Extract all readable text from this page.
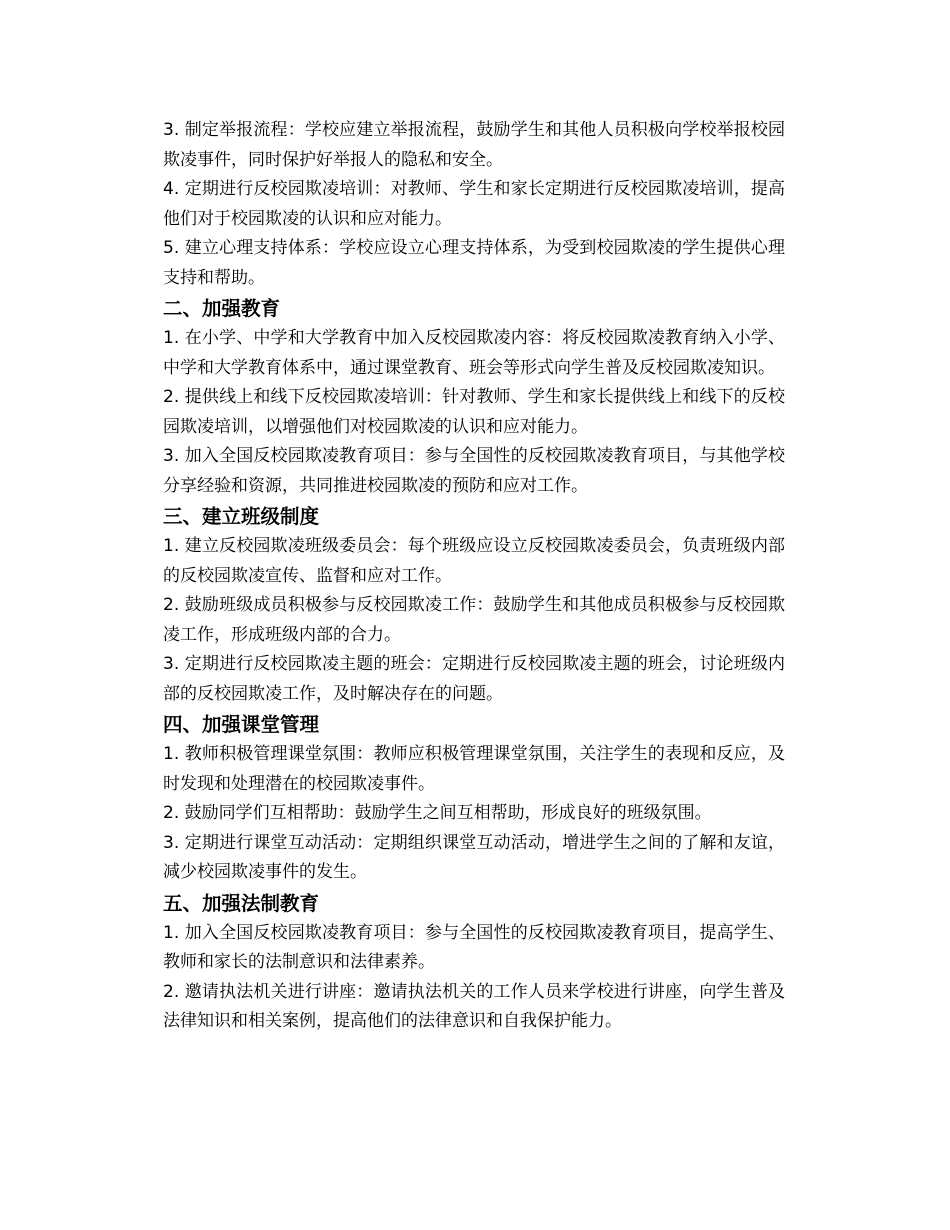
3. 制定举报流程：学校应建立举报流程，鼓励学生和其他人员积极向学校举报校园欺凌事件，同时保护好举报人的隐私和安全。

4. 定期进行反校园欺凌培训：对教师、学生和家长定期进行反校园欺凌培训，提高他们对于校园欺凌的认识和应对能力。

5. 建立心理支持体系：学校应设立心理支持体系，为受到校园欺凌的学生提供心理支持和帮助。

二、加强教育

1. 在小学、中学和大学教育中加入反校园欺凌内容：将反校园欺凌教育纳入小学、中学和大学教育体系中，通过课堂教育、班会等形式向学生普及反校园欺凌知识。

2. 提供线上和线下反校园欺凌培训：针对教师、学生和家长提供线上和线下的反校园欺凌培训，以增强他们对校园欺凌的认识和应对能力。

3. 加入全国反校园欺凌教育项目：参与全国性的反校园欺凌教育项目，与其他学校分享经验和资源，共同推进校园欺凌的预防和应对工作。

三、建立班级制度

1. 建立反校园欺凌班级委员会：每个班级应设立反校园欺凌委员会，负责班级内部的反校园欺凌宣传、监督和应对工作。

2. 鼓励班级成员积极参与反校园欺凌工作：鼓励学生和其他成员积极参与反校园欺凌工作，形成班级内部的合力。

3. 定期进行反校园欺凌主题的班会：定期进行反校园欺凌主题的班会，讨论班级内部的反校园欺凌工作，及时解决存在的问题。

四、加强课堂管理

1. 教师积极管理课堂氛围：教师应积极管理课堂氛围，关注学生的表现和反应，及时发现和处理潜在的校园欺凌事件。

2. 鼓励同学们互相帮助：鼓励学生之间互相帮助，形成良好的班级氛围。

3. 定期进行课堂互动活动：定期组织课堂互动活动，增进学生之间的了解和友谊，减少校园欺凌事件的发生。

五、加强法制教育

1. 加入全国反校园欺凌教育项目：参与全国性的反校园欺凌教育项目，提高学生、教师和家长的法制意识和法律素养。

2. 邀请执法机关进行讲座：邀请执法机关的工作人员来学校进行讲座，向学生普及法律知识和相关案例，提高他们的法律意识和自我保护能力。
